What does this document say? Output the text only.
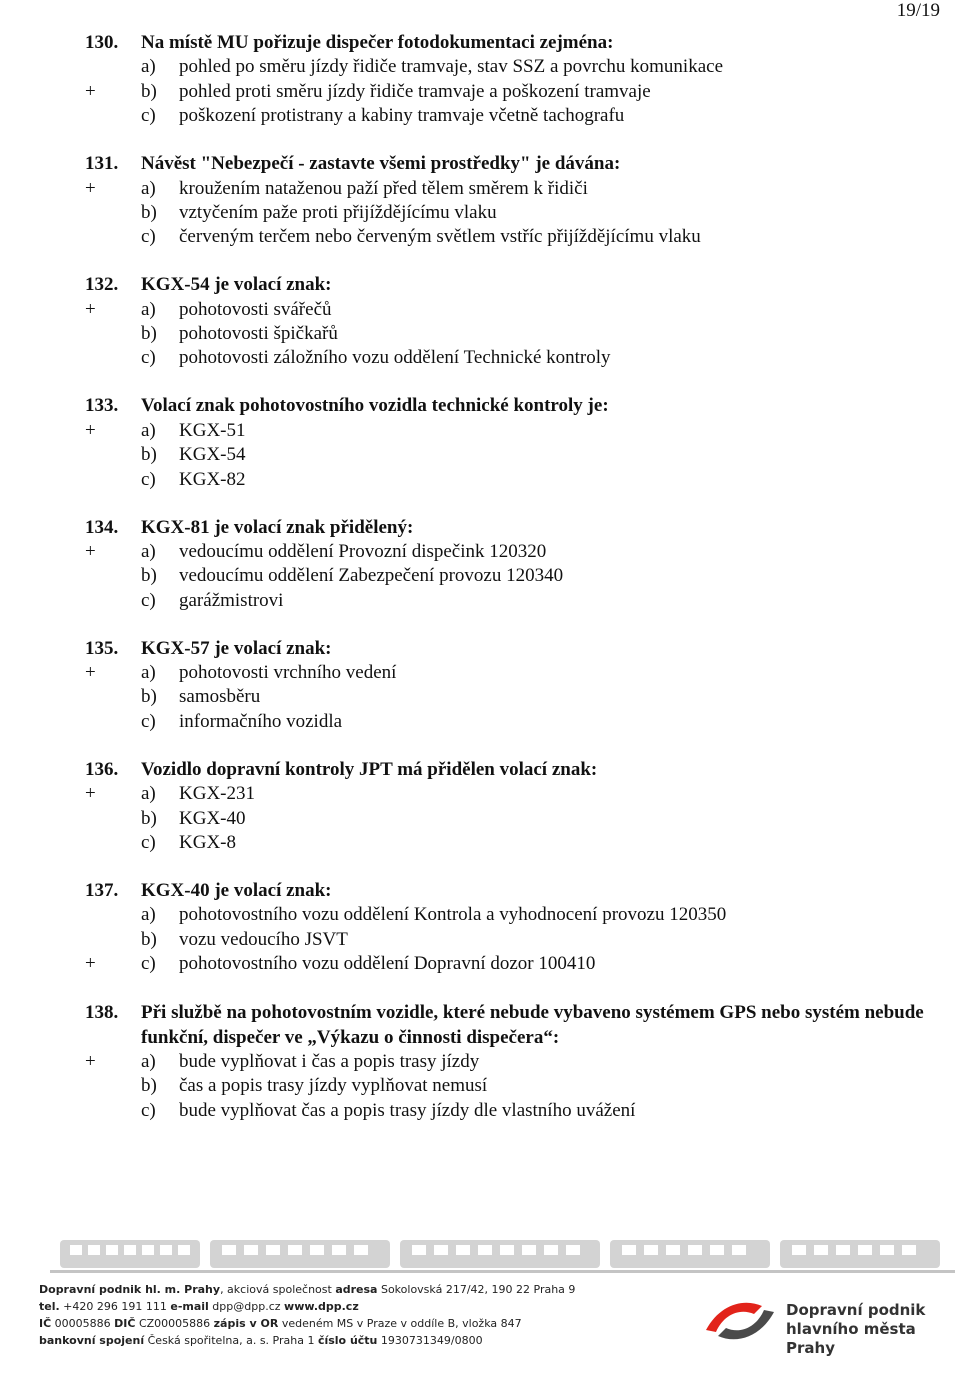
19/19
130. Na místě MU pořizuje dispečer fotodokumentaci zejména:
a) pohled po směru jízdy řidiče tramvaje, stav SSZ a povrchu komunikace
+ b) pohled proti směru jízdy řidiče tramvaje a poškození tramvaje
c) poškození protistrany a kabiny tramvaje včetně tachografu
131. Návěst "Nebezpečí - zastavte všemi prostředky" je dávána:
+ a) kroužením nataženou paží před tělem směrem k řidiči
b) vztyčením paže proti přijíždějícímu vlaku
c) červeným terčem nebo červeným světlem vstříc přijíždějícímu vlaku
132. KGX-54 je volací znak:
+ a) pohotovosti svářečů
b) pohotovosti špičkařů
c) pohotovosti záložního vozu oddělení Technické kontroly
133. Volací znak pohotovostního vozidla technické kontroly je:
+ a) KGX-51
b) KGX-54
c) KGX-82
134. KGX-81 je volací znak přidělený:
+ a) vedoucímu oddělení Provozní dispečink 120320
b) vedoucímu oddělení Zabezpečení provozu 120340
c) garážmistrovi
135. KGX-57 je volací znak:
+ a) pohotovosti vrchního vedení
b) samosběru
c) informačního vozidla
136. Vozidlo dopravní kontroly JPT má přidělen volací znak:
+ a) KGX-231
b) KGX-40
c) KGX-8
137. KGX-40 je volací znak:
a) pohotovostního vozu oddělení Kontrola a vyhodnocení provozu 120350
b) vozu vedoucího JSVT
+ c) pohotovostního vozu oddělení Dopravní dozor 100410
138. Při službě na pohotovostním vozidle, které nebude vybaveno systémem GPS nebo systém nebude funkční, dispečer ve „Výkazu o činnosti dispečera“:
+ a) bude vyplňovat i čas a popis trasy jízdy
b) čas a popis trasy jízdy vyplňovat nemusí
c) bude vyplňovat čas a popis trasy jízdy dle vlastního uvážení
Dopravní podnik hl. m. Prahy, akciová společnost adresa Sokolovská 217/42, 190 22 Praha 9
tel. +420 296 191 111 e-mail dpp@dpp.cz www.dpp.cz
IČ 00005886 DIČ CZ00005886 zápis v OR vedeném MS v Praze v oddíle B, vložka 847
bankovní spojení Česká spořitelna, a. s. Praha 1 číslo účtu 1930731349/0800
Dopravní podnik
hlavního města Prahy
